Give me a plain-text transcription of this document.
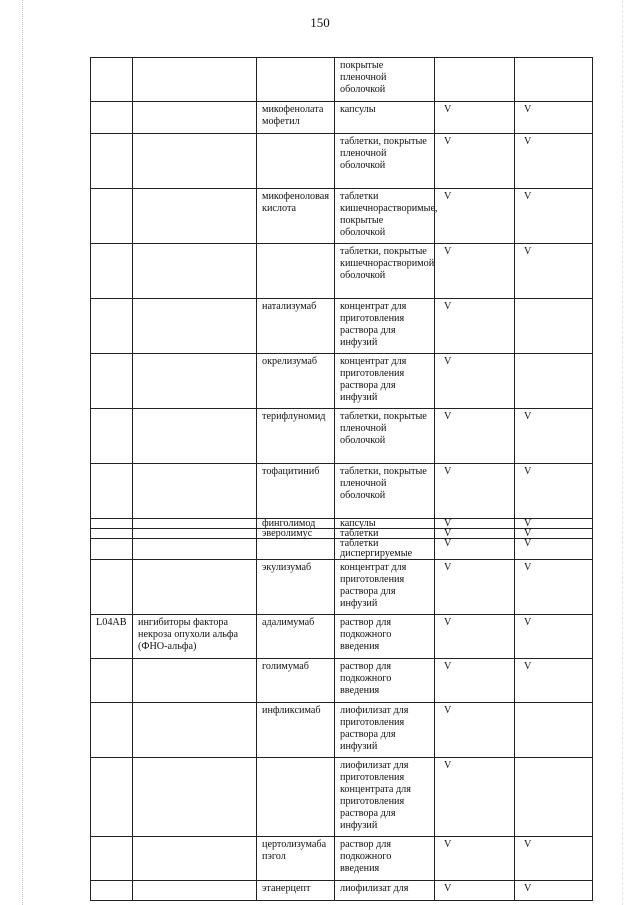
150
			покрытые пленочной оболочкой		
		микофенолата мофетил	капсулы	V	V
			таблетки, покрытые пленочной оболочкой	V	V
		микофеноловая кислота	таблетки кишечнорастворимые, покрытые оболочкой	V	V
			таблетки, покрытые кишечнорастворимой оболочкой	V	V
		натализумаб	концентрат для приготовления раствора для инфузий	V	
		окрелизумаб	концентрат для приготовления раствора для инфузий	V	
		терифлуномид	таблетки, покрытые пленочной оболочкой	V	V
		тофацитиниб	таблетки, покрытые пленочной оболочкой	V	V
		финголимод	капсулы	V	V
		эверолимус	таблетки	V	V
			таблетки диспергируемые	V	V
		экулизумаб	концентрат для приготовления раствора для инфузий	V	V
L04AB	ингибиторы фактора некроза опухоли альфа (ФНО-альфа)	адалимумаб	раствор для подкожного введения	V	V
		голимумаб	раствор для подкожного введения	V	V
		инфликсимаб	лиофилизат для приготовления раствора для инфузий	V	
			лиофилизат для приготовления концентрата для приготовления раствора для инфузий	V	
		цертолизумаба пэгол	раствор для подкожного введения	V	V
		этанерцепт	лиофилизат для	V	V
